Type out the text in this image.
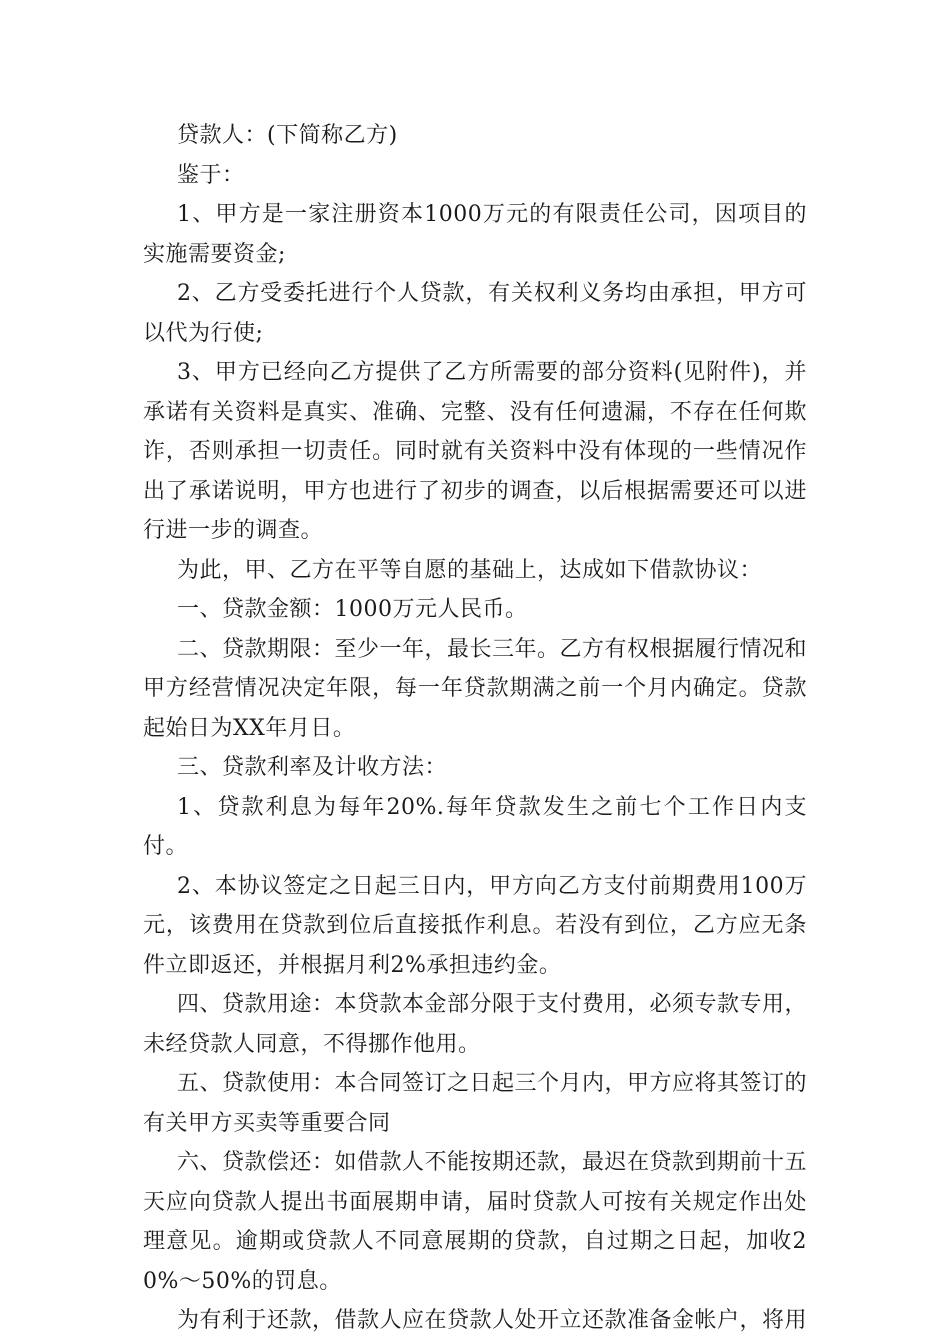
贷款人：(下简称乙方)

鉴于：

1、甲方是一家注册资本1000万元的有限责任公司，因项目的实施需要资金;

2、乙方受委托进行个人贷款，有关权利义务均由承担，甲方可以代为行使;

3、甲方已经向乙方提供了乙方所需要的部分资料(见附件)，并承诺有关资料是真实、准确、完整、没有任何遗漏，不存在任何欺诈，否则承担一切责任。同时就有关资料中没有体现的一些情况作出了承诺说明，甲方也进行了初步的调查，以后根据需要还可以进行进一步的调查。

为此，甲、乙方在平等自愿的基础上，达成如下借款协议：

一、贷款金额：1000万元人民币。

二、贷款期限：至少一年，最长三年。乙方有权根据履行情况和甲方经营情况决定年限，每一年贷款期满之前一个月内确定。贷款起始日为XX年月日。

三、贷款利率及计收方法：

1、贷款利息为每年20%.每年贷款发生之前七个工作日内支付。

2、本协议签定之日起三日内，甲方向乙方支付前期费用100万元，该费用在贷款到位后直接抵作利息。若没有到位，乙方应无条件立即返还，并根据月利2%承担违约金。

四、贷款用途：本贷款本金部分限于支付费用，必须专款专用，未经贷款人同意，不得挪作他用。

五、贷款使用：本合同签订之日起三个月内，甲方应将其签订的有关甲方买卖等重要合同

六、贷款偿还：如借款人不能按期还款，最迟在贷款到期前十五天应向贷款人提出书面展期申请，届时贷款人可按有关规定作出处理意见。逾期或贷款人不同意展期的贷款，自过期之日起，加收20%～50%的罚息。

为有利于还款，借款人应在贷款人处开立还款准备金帐户，将用
